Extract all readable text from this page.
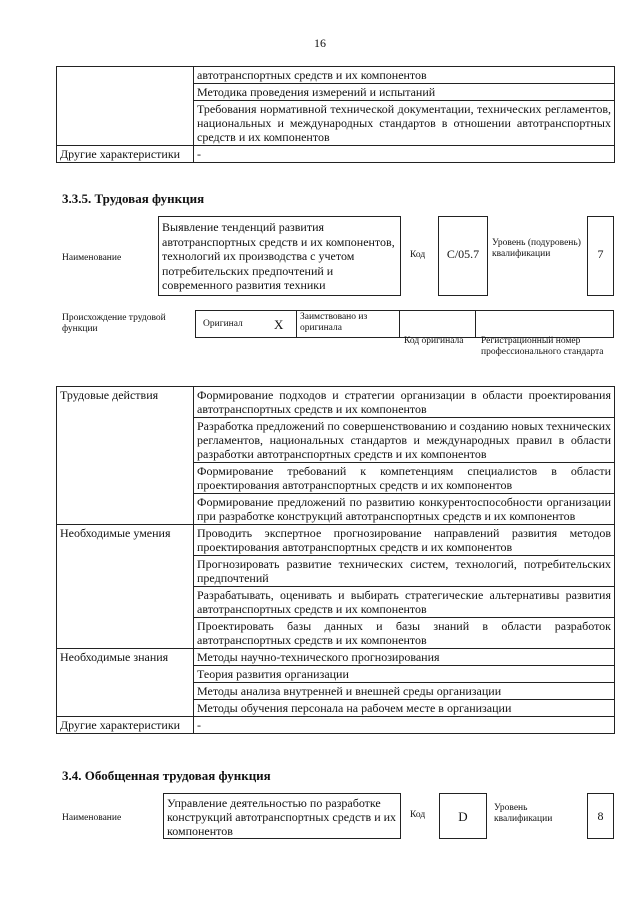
16
	автотранспортных средств и их компонентов
	Методика проведения измерений и испытаний
	Требования нормативной технической документации, технических регламентов, национальных и международных стандартов в отношении автотранспортных средств и их компонентов
Другие характеристики	-
3.3.5. Трудовая функция
Наименование
Выявление тенденций развития автотранспортных средств и их компонентов, технологий их производства с учетом потребительских предпочтений и современного развития техники
Код	C/05.7
Уровень (подуровень) квалификации	7
Происхождение трудовой функции	Оригинал X Заимствовано из оригинала
Код оригинала	Регистрационный номер профессионального стандарта
Трудовые действия	Формирование подходов и стратегии организации в области проектирования автотранспортных средств и их компонентов
	Разработка предложений по совершенствованию и созданию новых технических регламентов, национальных стандартов и международных правил в области разработки автотранспортных средств и их компонентов
	Формирование требований к компетенциям специалистов в области проектирования автотранспортных средств и их компонентов
	Формирование предложений по развитию конкурентоспособности организации при разработке конструкций автотранспортных средств и их компонентов
Необходимые умения	Проводить экспертное прогнозирование направлений развития методов проектирования автотранспортных средств и их компонентов
	Прогнозировать развитие технических систем, технологий, потребительских предпочтений
	Разрабатывать, оценивать и выбирать стратегические альтернативы развития автотранспортных средств и их компонентов
	Проектировать базы данных и базы знаний в области разработок автотранспортных средств и их компонентов
Необходимые знания	Методы научно-технического прогнозирования
	Теория развития организации
	Методы анализа внутренней и внешней среды организации
	Методы обучения персонала на рабочем месте в организации
Другие характеристики	-
3.4. Обобщенная трудовая функция
Наименование
Управление деятельностью по разработке конструкций автотранспортных средств и их компонентов
Код	D
Уровень квалификации	8
